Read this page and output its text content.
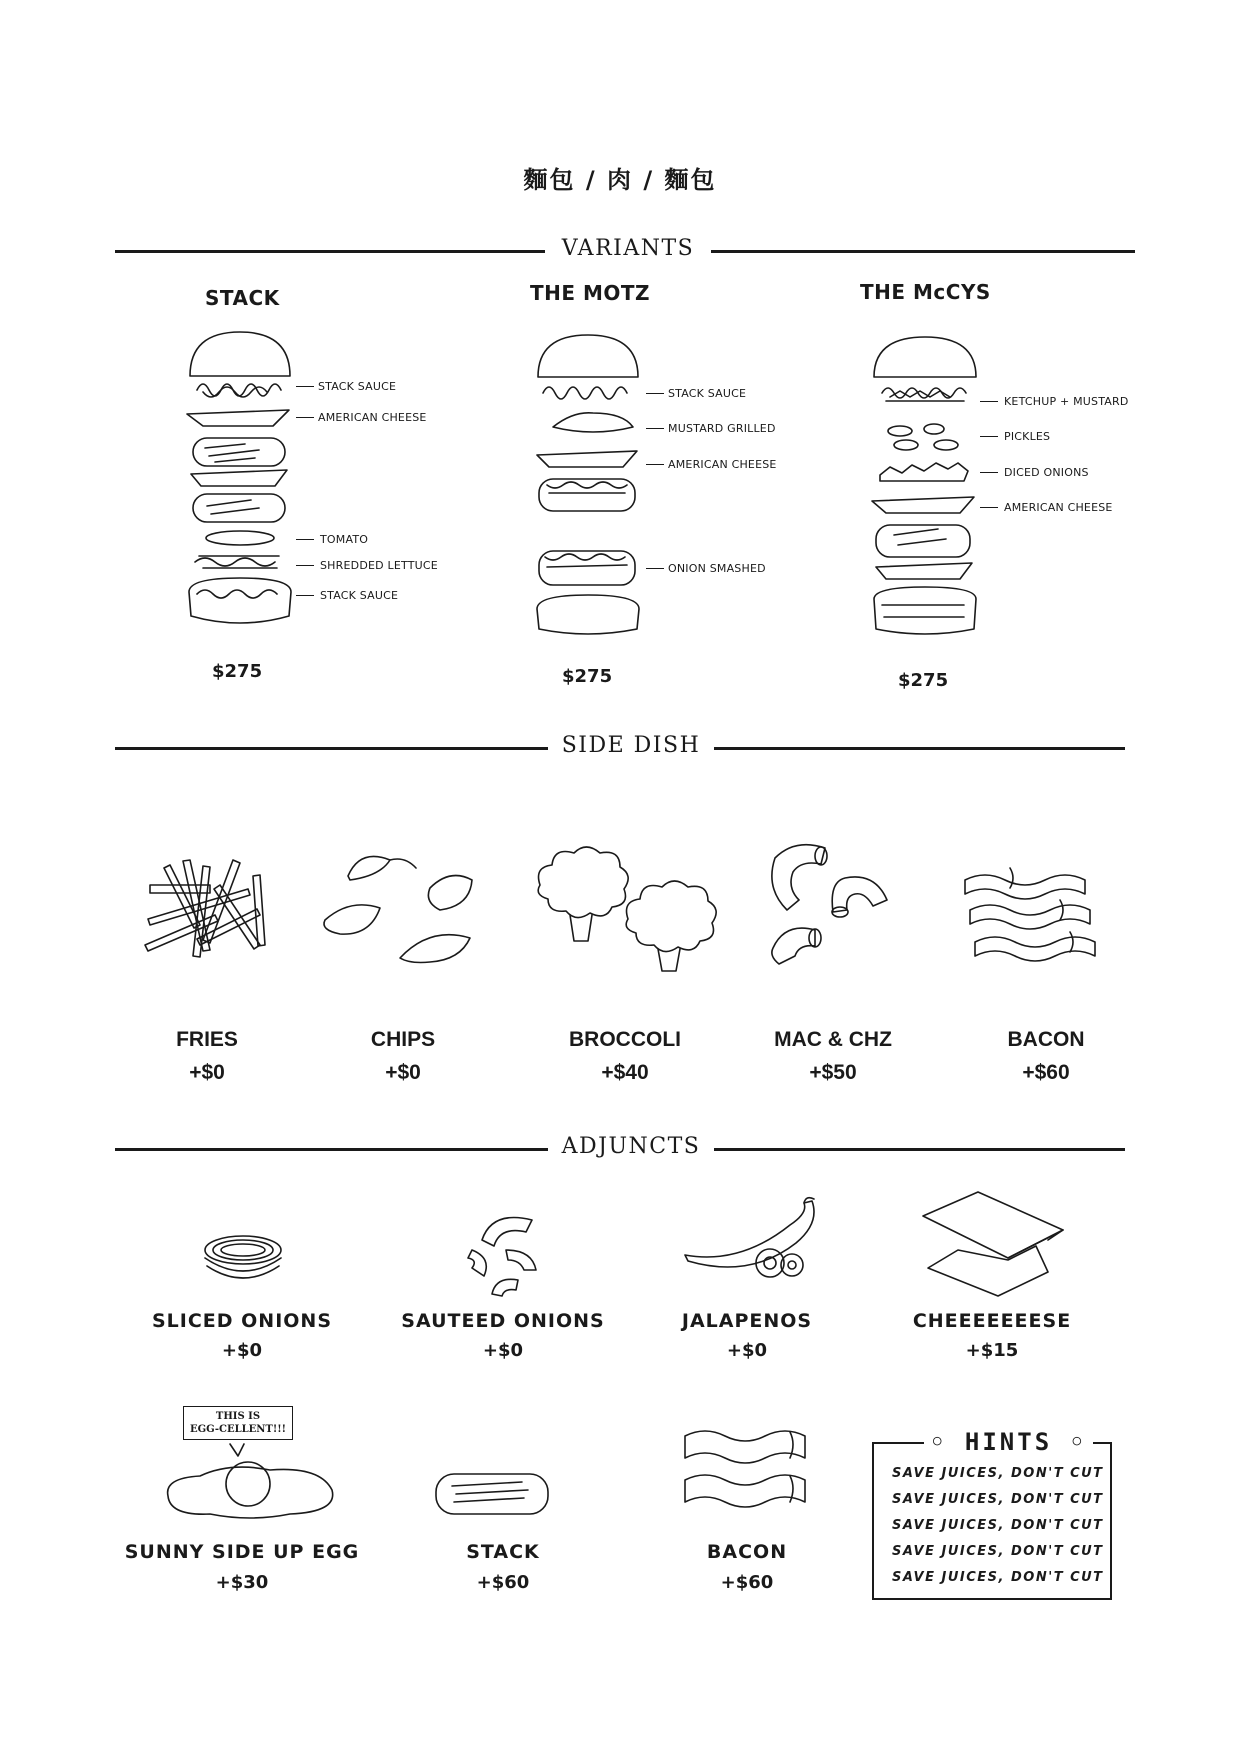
麵包 / 肉 / 麵包
VARIANTS
STACK
STACK SAUCE
AMERICAN CHEESE
TOMATO
SHREDDED LETTUCE
STACK SAUCE
$275
THE MOTZ
STACK SAUCE
MUSTARD GRILLED
AMERICAN CHEESE
ONION SMASHED
$275
THE McCYS
KETCHUP + MUSTARD
PICKLES
DICED ONIONS
AMERICAN CHEESE
$275
SIDE DISH
FRIES
+$0
CHIPS
+$0
BROCCOLI
+$40
MAC & CHZ
+$50
BACON
+$60
ADJUNCTS
SLICED ONIONS
+$0
SAUTEED ONIONS
+$0
JALAPENOS
+$0
CHEEEEEEESE
+$15
THIS IS
EGG-CELLENT!!!
SUNNY SIDE UP EGG
+$30
STACK
+$60
BACON
+$60
◦ HINTS ◦
SAVE JUICES, DON'T CUT
SAVE JUICES, DON'T CUT
SAVE JUICES, DON'T CUT
SAVE JUICES, DON'T CUT
SAVE JUICES, DON'T CUT
